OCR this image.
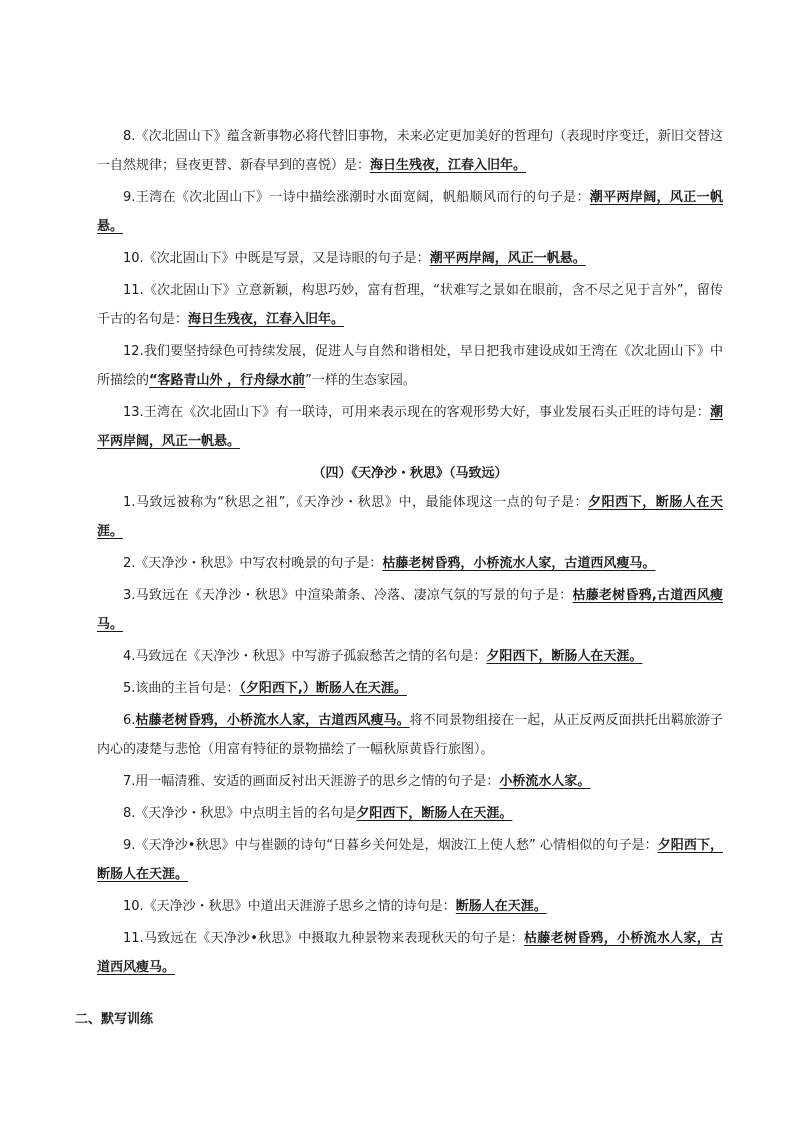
8.《次北固山下》蕴含新事物必将代替旧事物，未来必定更加美好的哲理句（表现时序变迁，新旧交替这一自然规律；昼夜更替、新春早到的喜悦）是：海日生残夜，江春入旧年。

9.王湾在《次北固山下》一诗中描绘涨潮时水面宽阔，帆船顺风而行的句子是：潮平两岸阔，风正一帆悬。

10.《次北固山下》中既是写景，又是诗眼的句子是：潮平两岸阔，风正一帆悬。

11.《次北固山下》立意新颖，构思巧妙，富有哲理，“状难写之景如在眼前，含不尽之见于言外”，留传千古的名句是：海日生残夜，江春入旧年。

12.我们要坚持绿色可持续发展，促进人与自然和谐相处，早日把我市建设成如王湾在《次北固山下》中所描绘的“客路青山外 ，行舟绿水前”一样的生态家园。

13.王湾在《次北固山下》有一联诗，可用来表示现在的客观形势大好，事业发展石头正旺的诗句是：潮平两岸阔，风正一帆悬。

（四）《天净沙・秋思》（马致远）

1.马致远被称为“秋思之祖”,《天净沙・秋思》中，最能体现这一点的句子是：夕阳西下，断肠人在天涯。

2.《天净沙・秋思》中写农村晚景的句子是：枯藤老树昏鸦，小桥流水人家，古道西风瘦马。

3.马致远在《天净沙・秋思》中渲染萧条、冷落、凄凉气氛的写景的句子是：枯藤老树昏鸦,古道西风瘦马。

4.马致远在《天净沙・秋思》中写游子孤寂愁苦之情的名句是：夕阳西下，断肠人在天涯。

5.该曲的主旨句是：（夕阳西下,）断肠人在天涯。

6.枯藤老树昏鸦，小桥流水人家，古道西风瘦马。将不同景物组接在一起，从正反两反面拱托出羁旅游子内心的凄楚与悲怆（用富有特征的景物描绘了一幅秋原黄昏行旅图）。

7.用一幅清雅、安适的画面反衬出天涯游子的思乡之情的句子是：小桥流水人家。

8.《天净沙・秋思》中点明主旨的名句是夕阳西下，断肠人在天涯。

9.《天净沙•秋思》中与崔颢的诗句“日暮乡关何处是，烟波江上使人愁” 心情相似的句子是：夕阳西下，断肠人在天涯。

10.《天净沙・秋思》中道出天涯游子思乡之情的诗句是：断肠人在天涯。

11.马致远在《天净沙•秋思》中摄取九种景物来表现秋天的句子是：枯藤老树昏鸦，小桥流水人家，古道西风瘦马。

二、默写训练
